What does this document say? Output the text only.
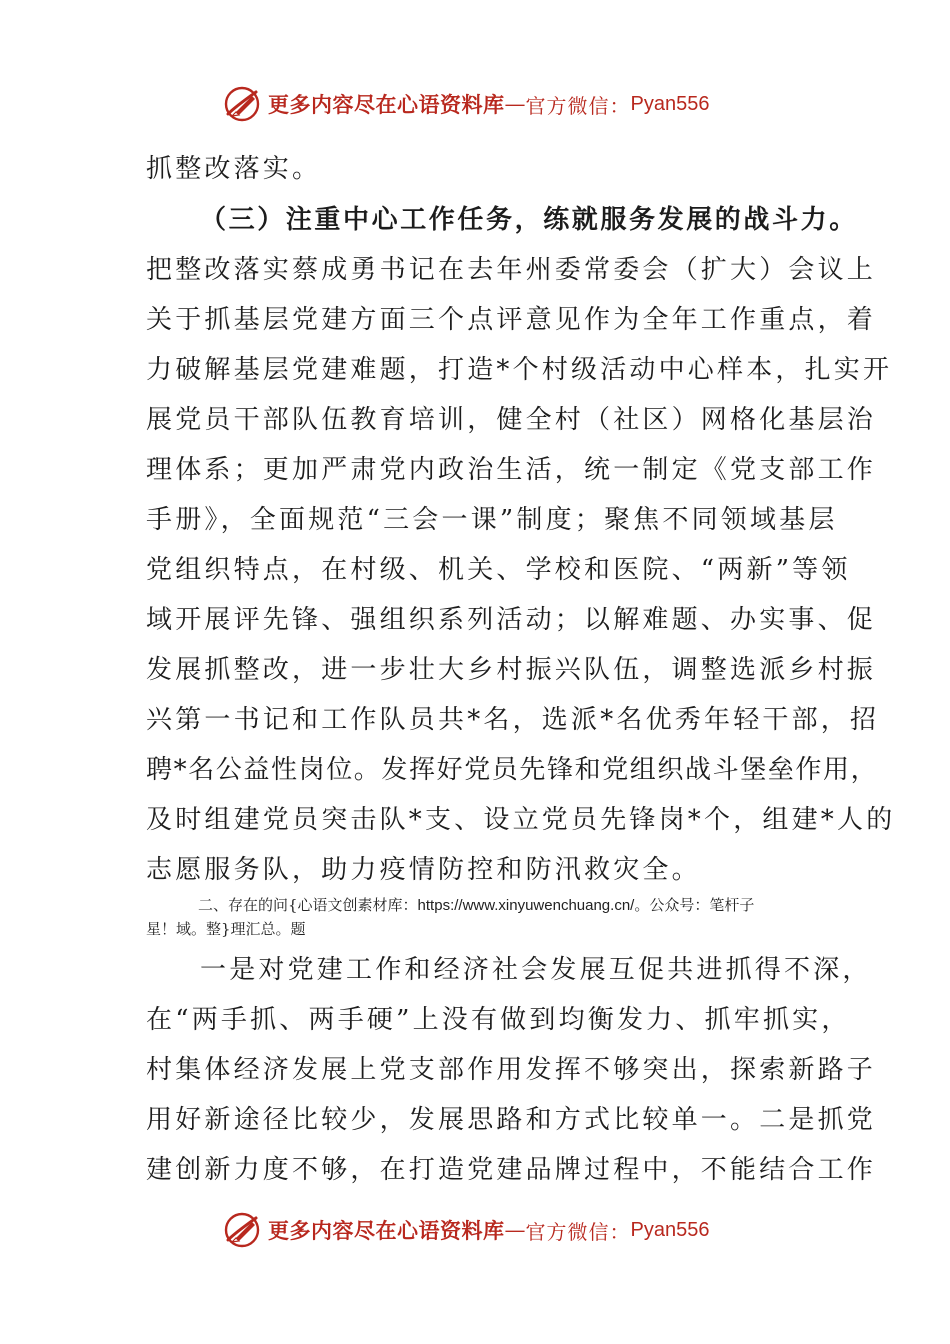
更多内容尽在心语资料库 — 官方微信： Pyan556
抓整改落实。
（三）注重中心工作任务，练就服务发展的战斗力。
把整改落实蔡成勇书记在去年州委常委会（扩大）会议上
关于抓基层党建方面三个点评意见作为全年工作重点，着
力破解基层党建难题，打造*个村级活动中心样本，扎实开
展党员干部队伍教育培训，健全村（社区）网格化基层治
理体系；更加严肃党内政治生活，统一制定《党支部工作
手册》，全面规范“三会一课”制度；聚焦不同领域基层
党组织特点，在村级、机关、学校和医院、“两新”等领
域开展评先锋、强组织系列活动；以解难题、办实事、促
发展抓整改，进一步壮大乡村振兴队伍，调整选派乡村振
兴第一书记和工作队员共*名，选派*名优秀年轻干部，招
聘*名公益性岗位。发挥好党员先锋和党组织战斗堡垒作用，
及时组建党员突击队*支、设立党员先锋岗*个，组建*人的
志愿服务队，助力疫情防控和防汛救灾全。
二、存在的问{心语文创素材库：https://www.xinyuwenchuang.cn/。公众号：笔杆子
星！域。整}理汇总。题
一是对党建工作和经济社会发展互促共进抓得不深，
在“两手抓、两手硬”上没有做到均衡发力、抓牢抓实，
村集体经济发展上党支部作用发挥不够突出，探索新路子
用好新途径比较少，发展思路和方式比较单一。二是抓党
建创新力度不够，在打造党建品牌过程中，不能结合工作
更多内容尽在心语资料库 — 官方微信： Pyan556
